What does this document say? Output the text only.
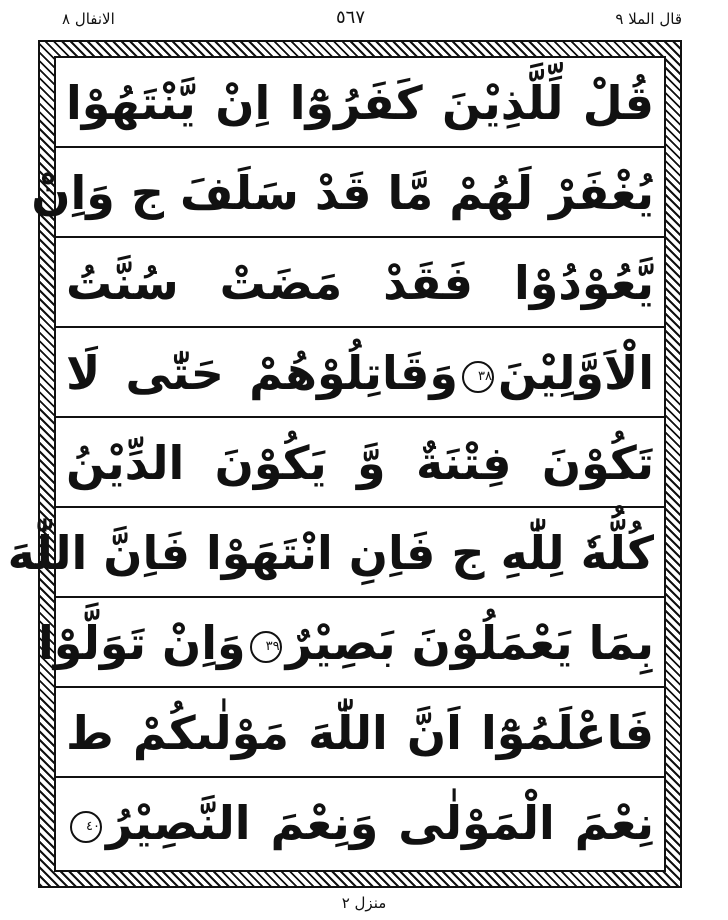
الانفال ٨	٥٦٧	قال الملا ٩
قُلْ لِّلَّذِيْنَ كَفَرُوْٓا اِنْ يَّنْتَهُوْا
يُغْفَرْ لَهُمْ مَّا قَدْ سَلَفَ ج وَاِنْ
يَّعُوْدُوْا فَقَدْ مَضَتْ سُنَّتُ
الْاَوَّلِيْنَ٣٨وَقَاتِلُوْهُمْ حَتّٰى لَا
تَكُوْنَ فِتْنَةٌ وَّ يَكُوْنَ الدِّيْنُ
كُلُّهٗ لِلّٰهِ ج فَاِنِ انْتَهَوْا فَاِنَّ اللّٰهَ
بِمَا يَعْمَلُوْنَ بَصِيْرٌ٣٩وَاِنْ تَوَلَّوْا
فَاعْلَمُوْٓا اَنَّ اللّٰهَ مَوْلٰىكُمْ ط
نِعْمَ الْمَوْلٰى وَنِعْمَ النَّصِيْرُ٤٠
منزل ٢
